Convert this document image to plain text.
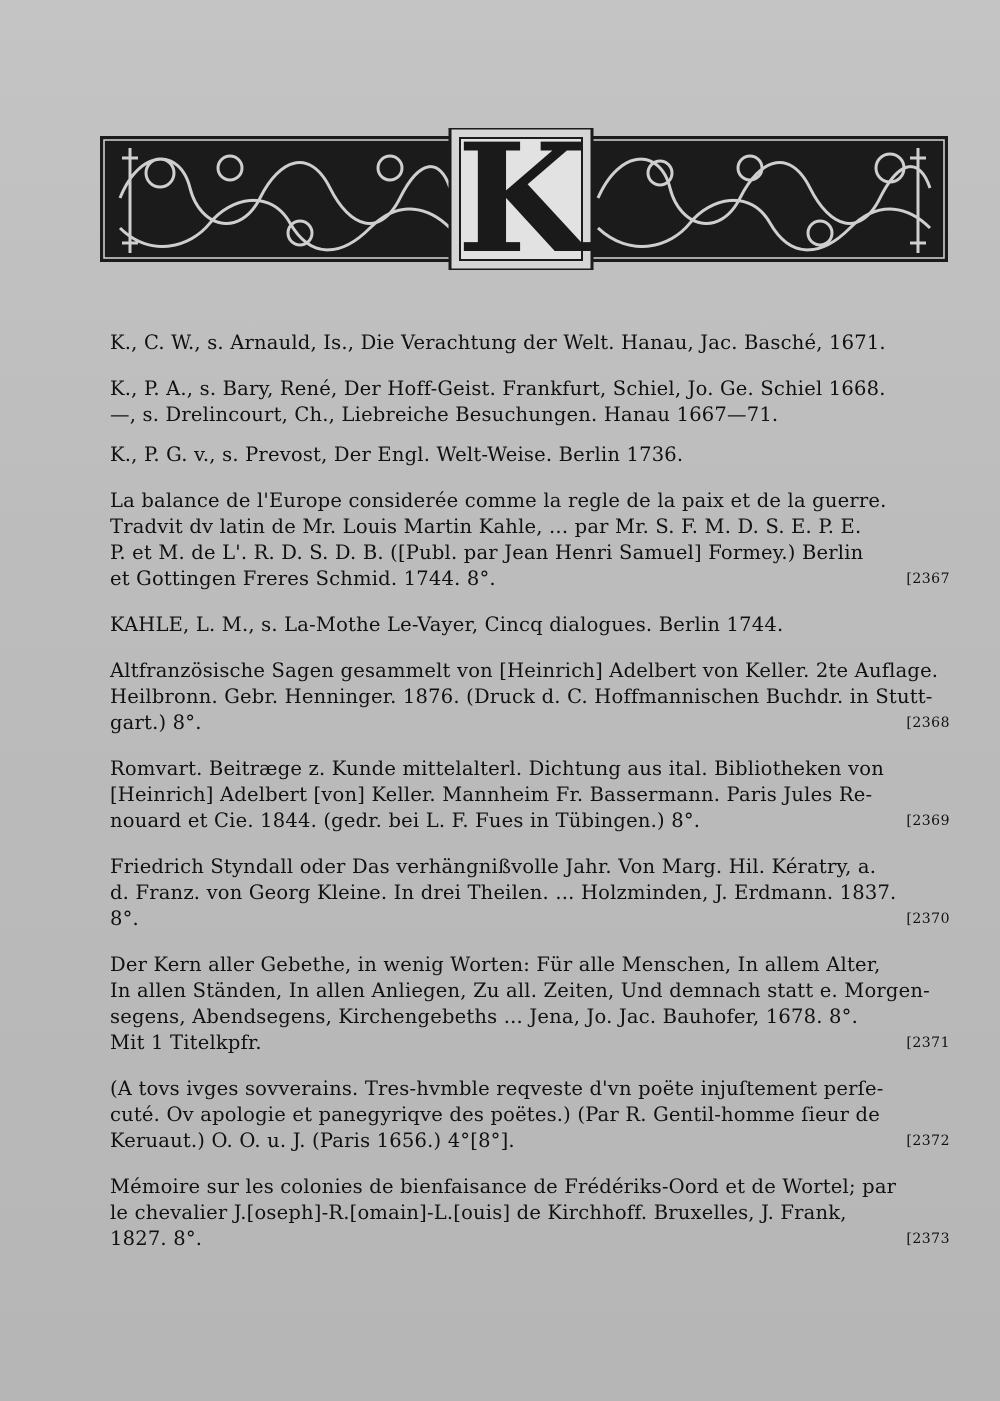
K
K., C. W., s. Arnauld, Is., Die Verachtung der Welt. Hanau, Jac. Basché, 1671.
K., P. A., s. Bary, René, Der Hoff-Geist. Frankfurt, Schiel, Jo. Ge. Schiel 1668.
—, s. Drelincourt, Ch., Liebreiche Besuchungen. Hanau 1667—71.
K., P. G. v., s. Prevost, Der Engl. Welt-Weise. Berlin 1736.
La balance de l'Europe considerée comme la regle de la paix et de la guerre.
Tradvit dv latin de Mr. Louis Martin Kahle, ... par Mr. S. F. M. D. S. E. P. E.
P. et M. de L'. R. D. S. D. B. ([Publ. par Jean Henri Samuel] Formey.) Berlin
et Gottingen Freres Schmid. 1744. 8°.	[2367
KAHLE, L. M., s. La-Mothe Le-Vayer, Cincq dialogues. Berlin 1744.
Altfranzösische Sagen gesammelt von [Heinrich] Adelbert von Keller. 2te Auflage.
Heilbronn. Gebr. Henninger. 1876. (Druck d. C. Hoffmannischen Buchdr. in Stutt-
gart.) 8°.	[2368
Romvart. Beitræge z. Kunde mittelalterl. Dichtung aus ital. Bibliotheken von
[Heinrich] Adelbert [von] Keller. Mannheim Fr. Bassermann. Paris Jules Re-
nouard et Cie. 1844. (gedr. bei L. F. Fues in Tübingen.) 8°.	[2369
Friedrich Styndall oder Das verhängnißvolle Jahr. Von Marg. Hil. Kératry, a.
d. Franz. von Georg Kleine. In drei Theilen. ... Holzminden, J. Erdmann. 1837.
8°.	[2370
Der Kern aller Gebethe, in wenig Worten: Für alle Menschen, In allem Alter,
In allen Ständen, In allen Anliegen, Zu all. Zeiten, Und demnach statt e. Morgen-
segens, Abendsegens, Kirchengebeths ... Jena, Jo. Jac. Bauhofer, 1678. 8°.
Mit 1 Titelkpfr.	[2371
(A tovs ivges sovverains. Tres-hvmble reqveste d'vn poëte injuſtement perſe-
cuté. Ov apologie et panegyriqve des poëtes.) (Par R. Gentil-homme ſieur de
Keruaut.) O. O. u. J. (Paris 1656.) 4°[8°].	[2372
Mémoire sur les colonies de bienfaisance de Frédériks-Oord et de Wortel; par
le chevalier J.[oseph]-R.[omain]-L.[ouis] de Kirchhoff. Bruxelles, J. Frank,
1827. 8°.	[2373
